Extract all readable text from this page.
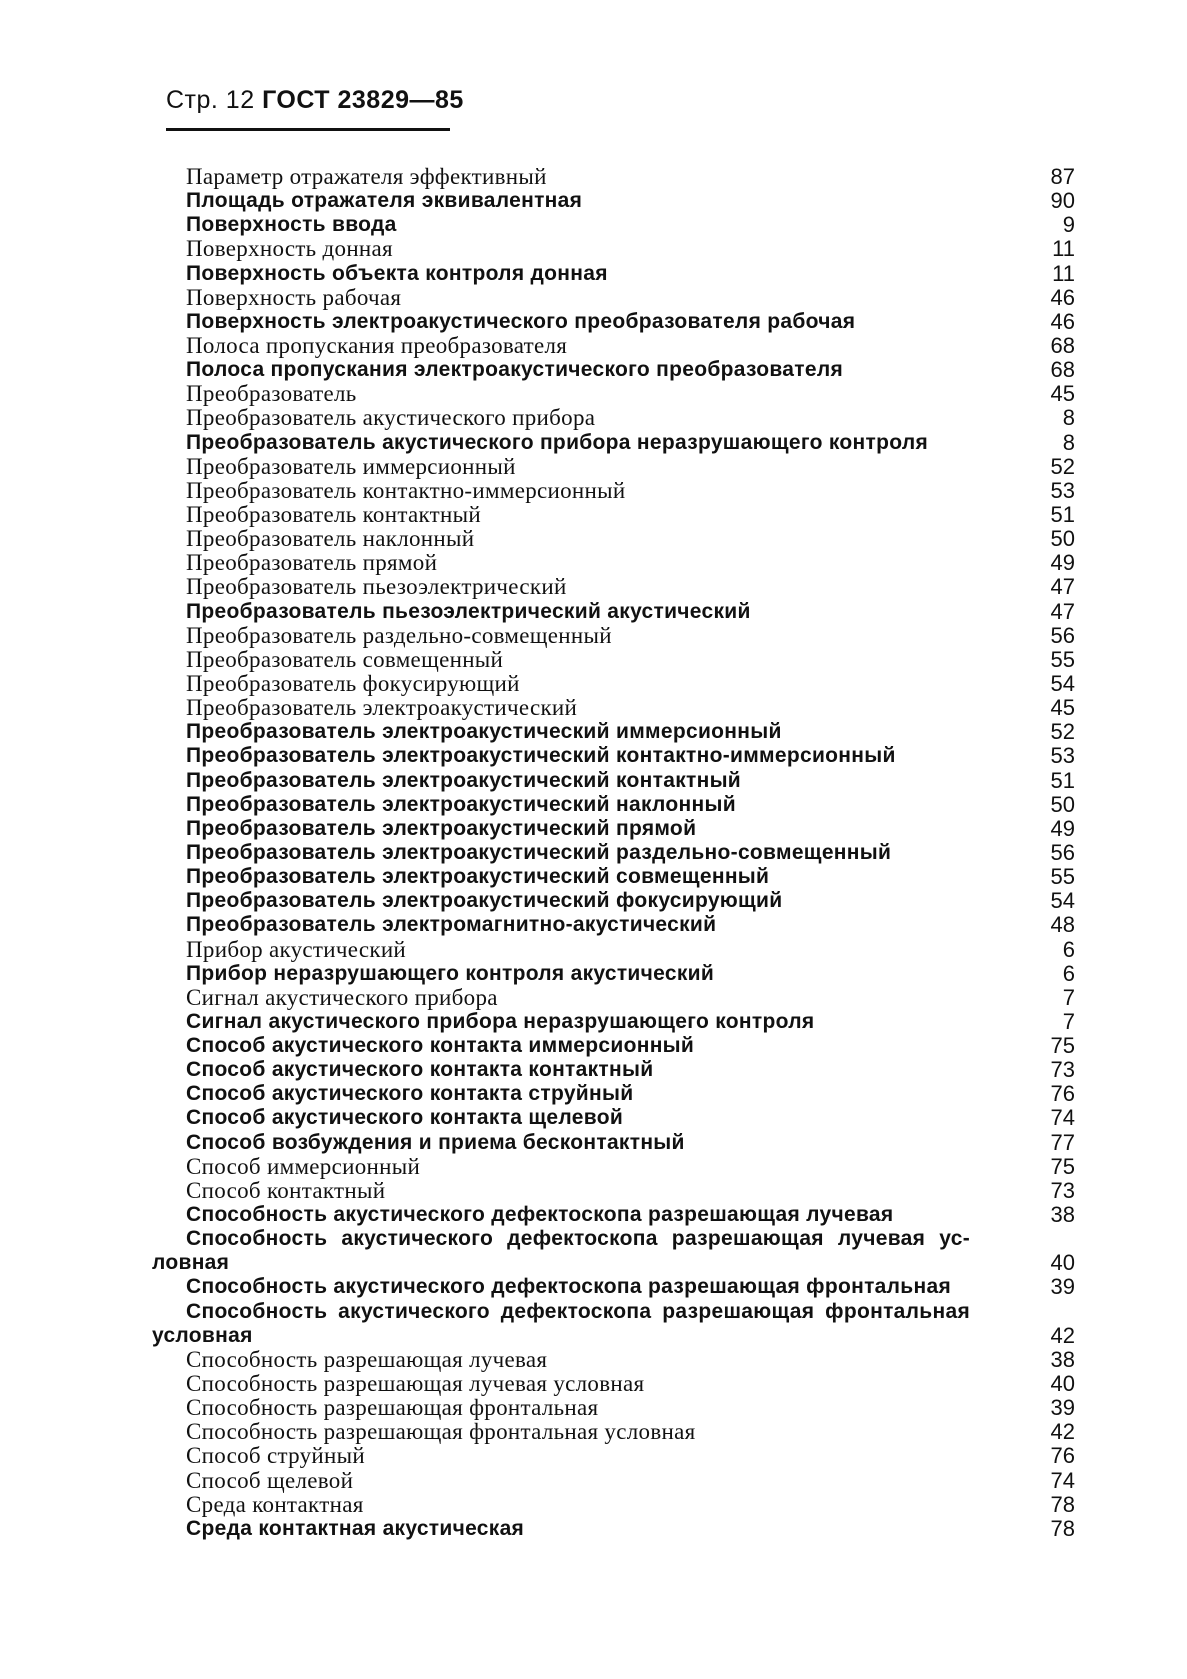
Стр. 12 ГОСТ 23829—85
Параметр отражателя эффективный	87
Площадь отражателя эквивалентная	90
Поверхность ввода	9
Поверхность донная	11
Поверхность объекта контроля донная	11
Поверхность рабочая	46
Поверхность электроакустического преобразователя рабочая	46
Полоса пропускания преобразователя	68
Полоса пропускания электроакустического преобразователя	68
Преобразователь	45
Преобразователь акустического прибора	8
Преобразователь акустического прибора неразрушающего контроля	8
Преобразователь иммерсионный	52
Преобразователь контактно-иммерсионный	53
Преобразователь контактный	51
Преобразователь наклонный	50
Преобразователь прямой	49
Преобразователь пьезоэлектрический	47
Преобразователь пьезоэлектрический акустический	47
Преобразователь раздельно-совмещенный	56
Преобразователь совмещенный	55
Преобразователь фокусирующий	54
Преобразователь электроакустический	45
Преобразователь электроакустический иммерсионный	52
Преобразователь электроакустический контактно-иммерсионный	53
Преобразователь электроакустический контактный	51
Преобразователь электроакустический наклонный	50
Преобразователь электроакустический прямой	49
Преобразователь электроакустический раздельно-совмещенный	56
Преобразователь электроакустический совмещенный	55
Преобразователь электроакустический фокусирующий	54
Преобразователь электромагнитно-акустический	48
Прибор акустический	6
Прибор неразрушающего контроля акустический	6
Сигнал акустического прибора	7
Сигнал акустического прибора неразрушающего контроля	7
Способ акустического контакта иммерсионный	75
Способ акустического контакта контактный	73
Способ акустического контакта струйный	76
Способ акустического контакта щелевой	74
Способ возбуждения и приема бесконтактный	77
Способ иммерсионный	75
Способ контактный	73
Способность акустического дефектоскопа разрешающая лучевая	38
Способность акустического дефектоскопа разрешающая лучевая ус-
ловная	40
Способность акустического дефектоскопа разрешающая фронтальная	39
Способность акустического дефектоскопа разрешающая фронтальная
условная	42
Способность разрешающая лучевая	38
Способность разрешающая лучевая условная	40
Способность разрешающая фронтальная	39
Способность разрешающая фронтальная условная	42
Способ струйный	76
Способ щелевой	74
Среда контактная	78
Среда контактная акустическая	78
